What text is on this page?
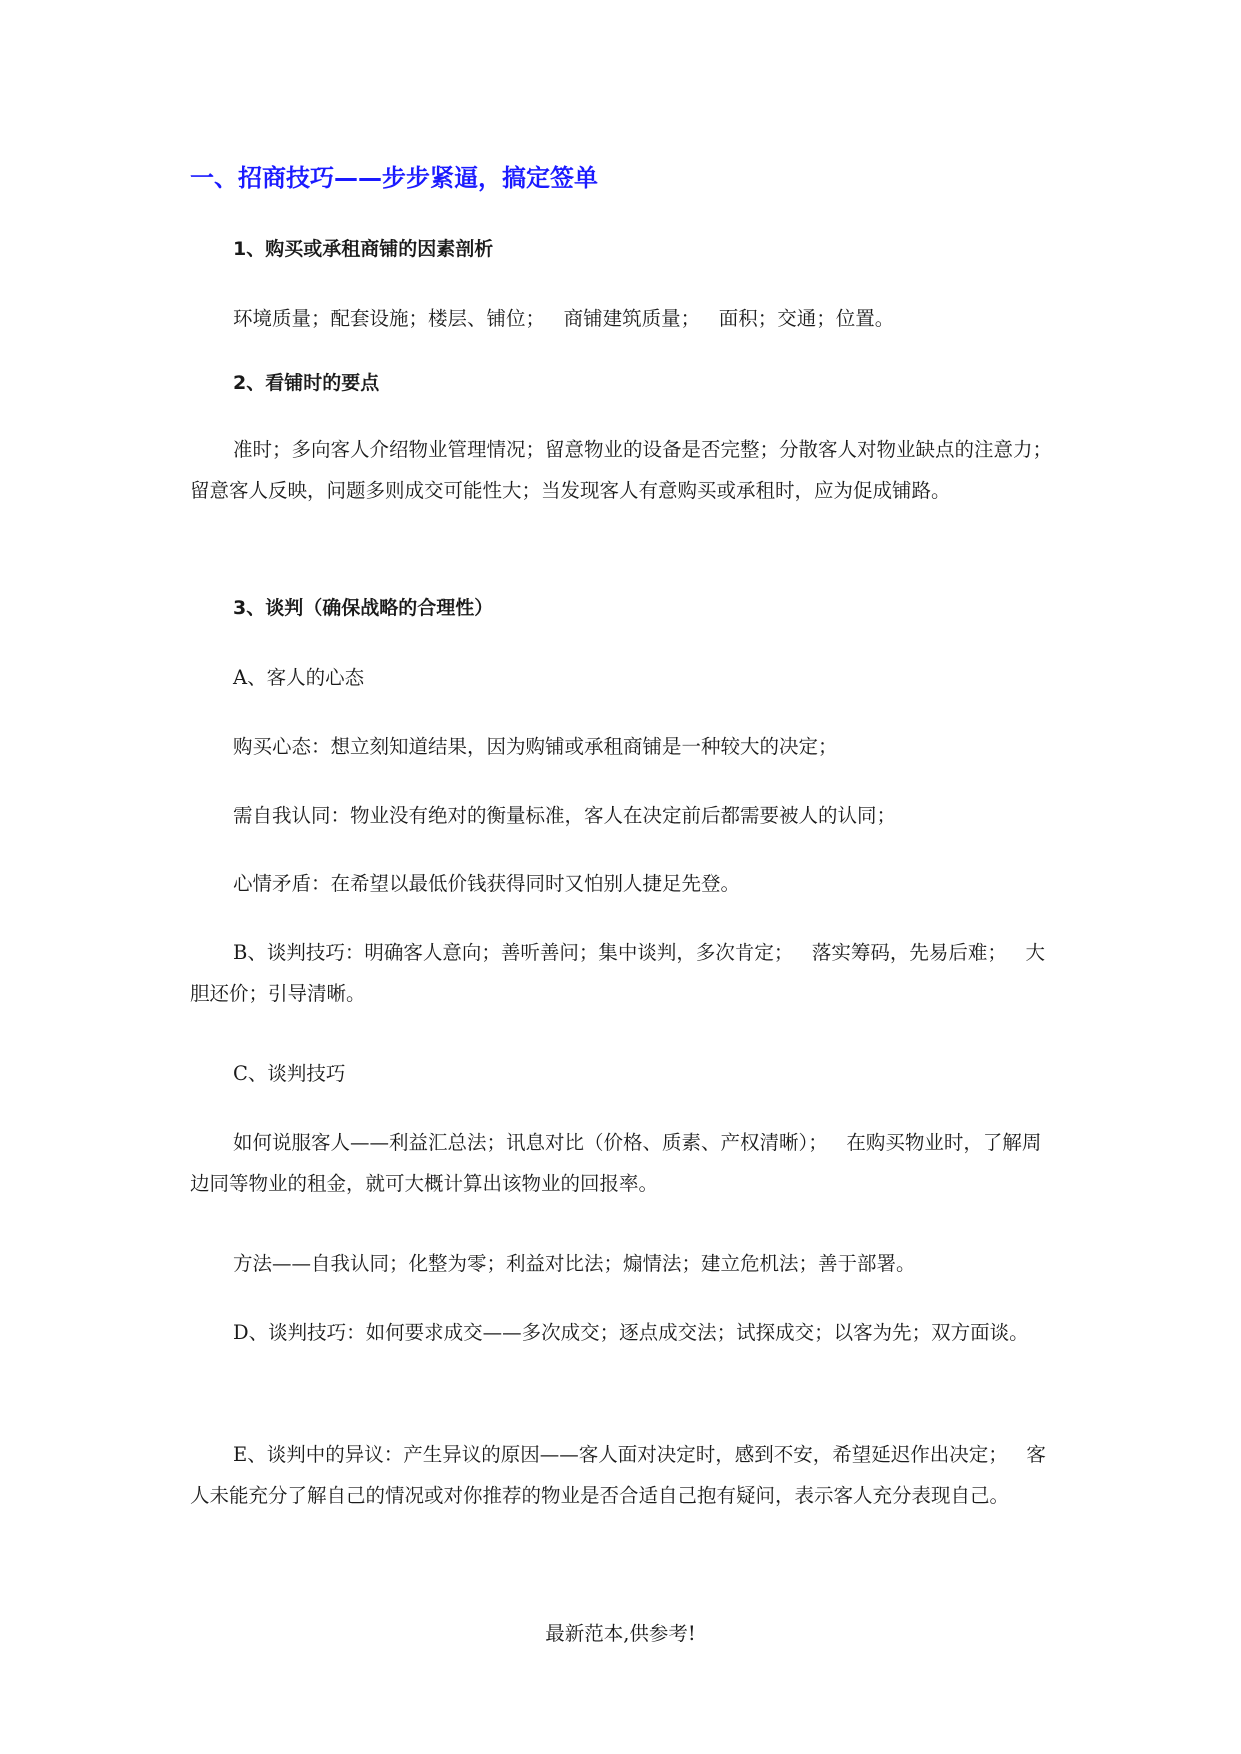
一、招商技巧——步步紧逼，搞定签单
1、购买或承租商铺的因素剖析

环境质量；配套设施；楼层、铺位；   商铺建筑质量；   面积；交通；位置。

2、看铺时的要点

准时；多向客人介绍物业管理情况；留意物业的设备是否完整；分散客人对物业缺点的注意力；留意客人反映，问题多则成交可能性大；当发现客人有意购买或承租时，应为促成铺路。

3、谈判（确保战略的合理性）

A、客人的心态

购买心态：想立刻知道结果，因为购铺或承租商铺是一种较大的决定；

需自我认同：物业没有绝对的衡量标准，客人在决定前后都需要被人的认同；

心情矛盾：在希望以最低价钱获得同时又怕别人捷足先登。

B、谈判技巧：明确客人意向；善听善问；集中谈判，多次肯定；   落实筹码，先易后难；   大胆还价；引导清晰。

C、谈判技巧

如何说服客人——利益汇总法；讯息对比（价格、质素、产权清晰）；   在购买物业时，了解周边同等物业的租金，就可大概计算出该物业的回报率。

方法——自我认同；化整为零；利益对比法；煽情法；建立危机法；善于部署。

D、谈判技巧：如何要求成交——多次成交；逐点成交法；试探成交；以客为先；双方面谈。

E、谈判中的异议：产生异议的原因——客人面对决定时，感到不安，希望延迟作出决定；   客人未能充分了解自己的情况或对你推荐的物业是否合适自己抱有疑问，表示客人充分表现自己。

最新范本,供参考!
